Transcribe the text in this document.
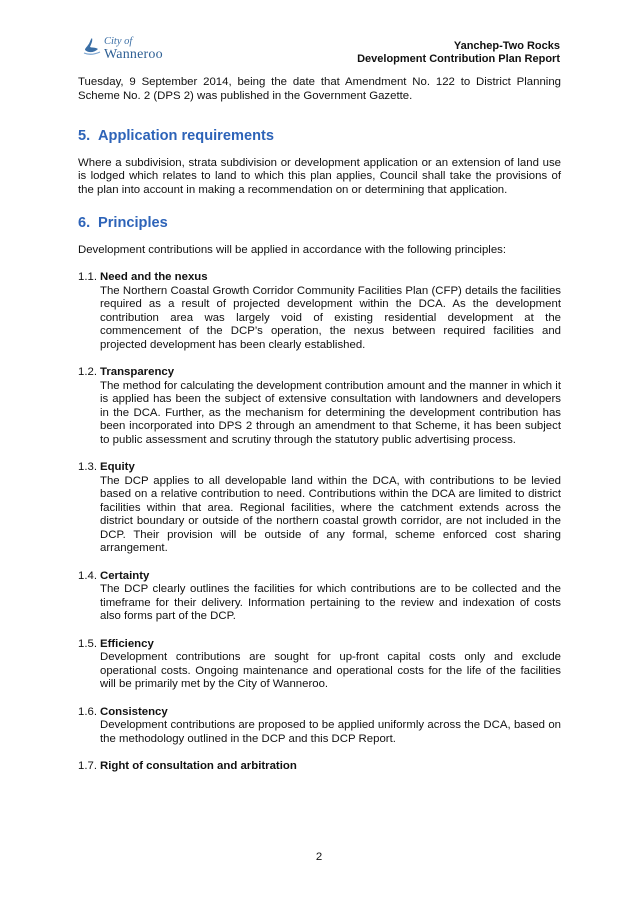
City of
Wanneroo
Yanchep-Two Rocks
Development Contribution Plan Report

Tuesday, 9 September 2014, being the date that Amendment No. 122 to District Planning Scheme No. 2 (DPS 2) was published in the Government Gazette.

5. Application requirements

Where a subdivision, strata subdivision or development application or an extension of land use is lodged which relates to land to which this plan applies, Council shall take the provisions of the plan into account in making a recommendation on or determining that application.

6. Principles

Development contributions will be applied in accordance with the following principles:

1.1. Need and the nexus

The Northern Coastal Growth Corridor Community Facilities Plan (CFP) details the facilities required as a result of projected development within the DCA. As the development contribution area was largely void of existing residential development at the commencement of the DCP’s operation, the nexus between required facilities and projected development has been clearly established.

1.2. Transparency

The method for calculating the development contribution amount and the manner in which it is applied has been the subject of extensive consultation with landowners and developers in the DCA. Further, as the mechanism for determining the development contribution has been incorporated into DPS 2 through an amendment to that Scheme, it has been subject to public assessment and scrutiny through the statutory public advertising process.

1.3. Equity

The DCP applies to all developable land within the DCA, with contributions to be levied based on a relative contribution to need. Contributions within the DCA are limited to district facilities within that area. Regional facilities, where the catchment extends across the district boundary or outside of the northern coastal growth corridor, are not included in the DCP. Their provision will be outside of any formal, scheme enforced cost sharing arrangement.

1.4. Certainty

The DCP clearly outlines the facilities for which contributions are to be collected and the timeframe for their delivery. Information pertaining to the review and indexation of costs also forms part of the DCP.

1.5. Efficiency

Development contributions are sought for up-front capital costs only and exclude operational costs. Ongoing maintenance and operational costs for the life of the facilities will be primarily met by the City of Wanneroo.

1.6. Consistency

Development contributions are proposed to be applied uniformly across the DCA, based on the methodology outlined in the DCP and this DCP Report.

1.7. Right of consultation and arbitration
2
